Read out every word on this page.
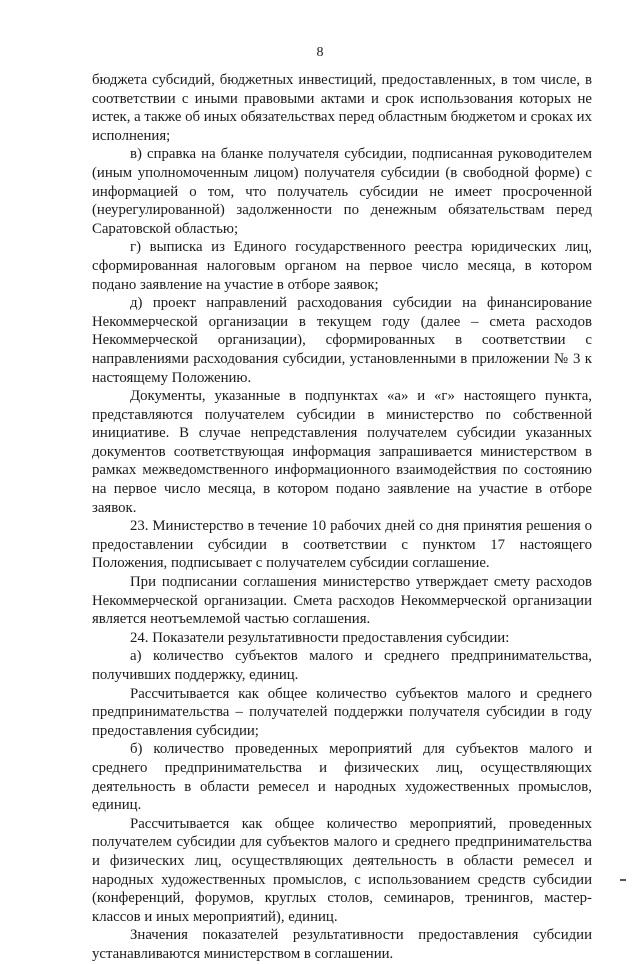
8

бюджета субсидий, бюджетных инвестиций, предоставленных, в том числе, в соответствии с иными правовыми актами и срок использования которых не истек, а также об иных обязательствах перед областным бюджетом и сроках их исполнения;

в) справка на бланке получателя субсидии, подписанная руководителем (иным уполномоченным лицом) получателя субсидии (в свободной форме) с информацией о том, что получатель субсидии не имеет просроченной (неурегулированной) задолженности по денежным обязательствам перед Саратовской областью;

г) выписка из Единого государственного реестра юридических лиц, сформированная налоговым органом на первое число месяца, в котором подано заявление на участие в отборе заявок;

д) проект направлений расходования субсидии на финансирование Некоммерческой организации в текущем году (далее – смета расходов Некоммерческой организации), сформированных в соответствии с направлениями расходования субсидии, установленными в приложении № 3 к настоящему Положению.

Документы, указанные в подпунктах «а» и «г» настоящего пункта, представляются получателем субсидии в министерство по собственной инициативе. В случае непредставления получателем субсидии указанных документов соответствующая информация запрашивается министерством в рамках межведомственного информационного взаимодействия по состоянию на первое число месяца, в котором подано заявление на участие в отборе заявок.

23. Министерство в течение 10 рабочих дней со дня принятия решения о предоставлении субсидии в соответствии с пунктом 17 настоящего Положения, подписывает с получателем субсидии соглашение.

При подписании соглашения министерство утверждает смету расходов Некоммерческой организации. Смета расходов Некоммерческой организации является неотъемлемой частью соглашения.

24. Показатели результативности предоставления субсидии:

а) количество субъектов малого и среднего предпринимательства, получивших поддержку, единиц.

Рассчитывается как общее количество субъектов малого и среднего предпринимательства – получателей поддержки получателя субсидии в году предоставления субсидии;

б) количество проведенных мероприятий для субъектов малого и среднего предпринимательства и физических лиц, осуществляющих деятельность в области ремесел и народных художественных промыслов, единиц.

Рассчитывается как общее количество мероприятий, проведенных получателем субсидии для субъектов малого и среднего предпринимательства и физических лиц, осуществляющих деятельность в области ремесел и народных художественных промыслов, с использованием средств субсидии (конференций, форумов, круглых столов, семинаров, тренингов, мастер-классов и иных мероприятий), единиц.

Значения показателей результативности предоставления субсидии устанавливаются министерством в соглашении.
